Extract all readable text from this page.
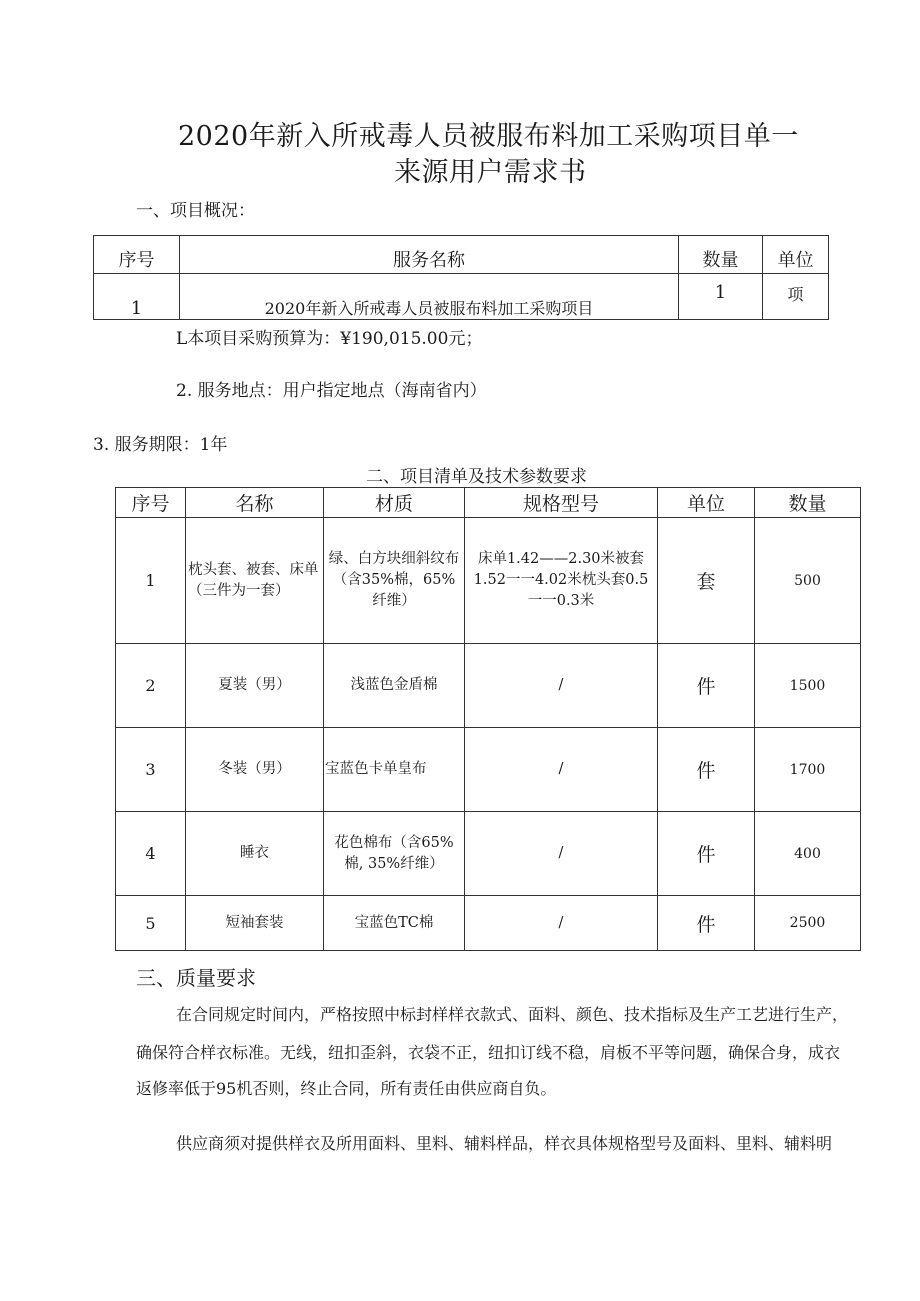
2020年新入所戒毒人员被服布料加工采购项目单一
来源用户需求书
一、项目概况：
序号	服务名称	数量	单位
1	2020年新入所戒毒人员被服布料加工采购项目	1	项
L本项目采购预算为：¥190,015.00元；
2. 服务地点：用户指定地点（海南省内）
3. 服务期限：1年
二、项目清单及技术参数要求
序号	名称	材质	规格型号	单位	数量
1	枕头套、被套、床单（三件为一套）	绿、白方块细斜纹布（含35%棉，65%纤维）	床单1.42——2.30米被套1.52一一4.02米枕头套0.5一一0.3米	套	500
2	夏装（男）	浅蓝色金盾棉	/	件	1500
3	冬装（男）	宝蓝色卡单皇布	/	件	1700
4	睡衣	花色棉布（含65%棉, 35%纤维）	/	件	400
5	短袖套装	宝蓝色TC棉	/	件	2500
三、质量要求
在合同规定时间内，严格按照中标封样样衣款式、面料、颜色、技术指标及生产工艺进行生产，
确保符合样衣标准。无线，纽扣歪斜，衣袋不正，纽扣订线不稳，肩板不平等问题，确保合身，成衣
返修率低于95机否则，终止合同，所有责任由供应商自负。
供应商须对提供样衣及所用面料、里料、辅料样品，样衣具体规格型号及面料、里料、辅料明
